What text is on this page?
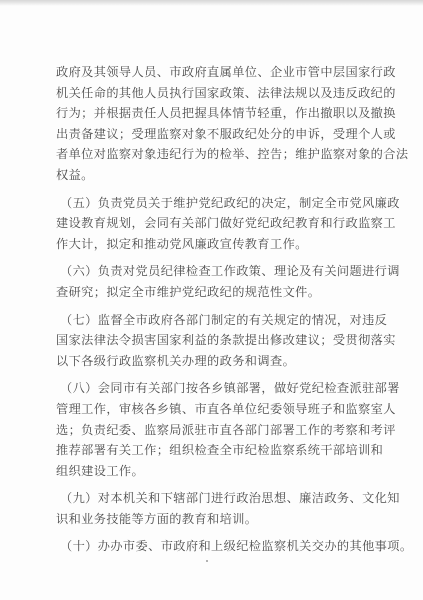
政府及其领导人员、市政府直属单位、企业市管中层国家行政
机关任命的其他人员执行国家政策、法律法规以及违反政纪的
行为；并根据责任人员把握具体情节轻重，作出撤职以及撤换
出责备建议；受理监察对象不服政纪处分的申诉，受理个人或
者单位对监察对象违纪行为的检举、控告；维护监察对象的合法
权益。
（五）负责党员关于维护党纪政纪的决定，制定全市党风廉政
建设教育规划，会同有关部门做好党纪政纪教育和行政监察工
作大计，拟定和推动党风廉政宣传教育工作。
（六）负责对党员纪律检查工作政策、理论及有关问题进行调
查研究；拟定全市维护党纪政纪的规范性文件。
（七）监督全市政府各部门制定的有关规定的情况，对违反
国家法律法令损害国家利益的条款提出修改建议；受贯彻落实
以下各级行政监察机关办理的政务和调查。
（八）会同市有关部门按各乡镇部署，做好党纪检查派驻部署
管理工作，审核各乡镇、市直各单位纪委领导班子和监察室人
选；负责纪委、监察局派驻市直各部门部署工作的考察和考评
推荐部署有关工作；组织检查全市纪检监察系统干部培训和
组织建设工作。
（九）对本机关和下辖部门进行政治思想、廉洁政务、文化知
识和业务技能等方面的教育和培训。
（十）办办市委、市政府和上级纪检监察机关交办的其他事项。
